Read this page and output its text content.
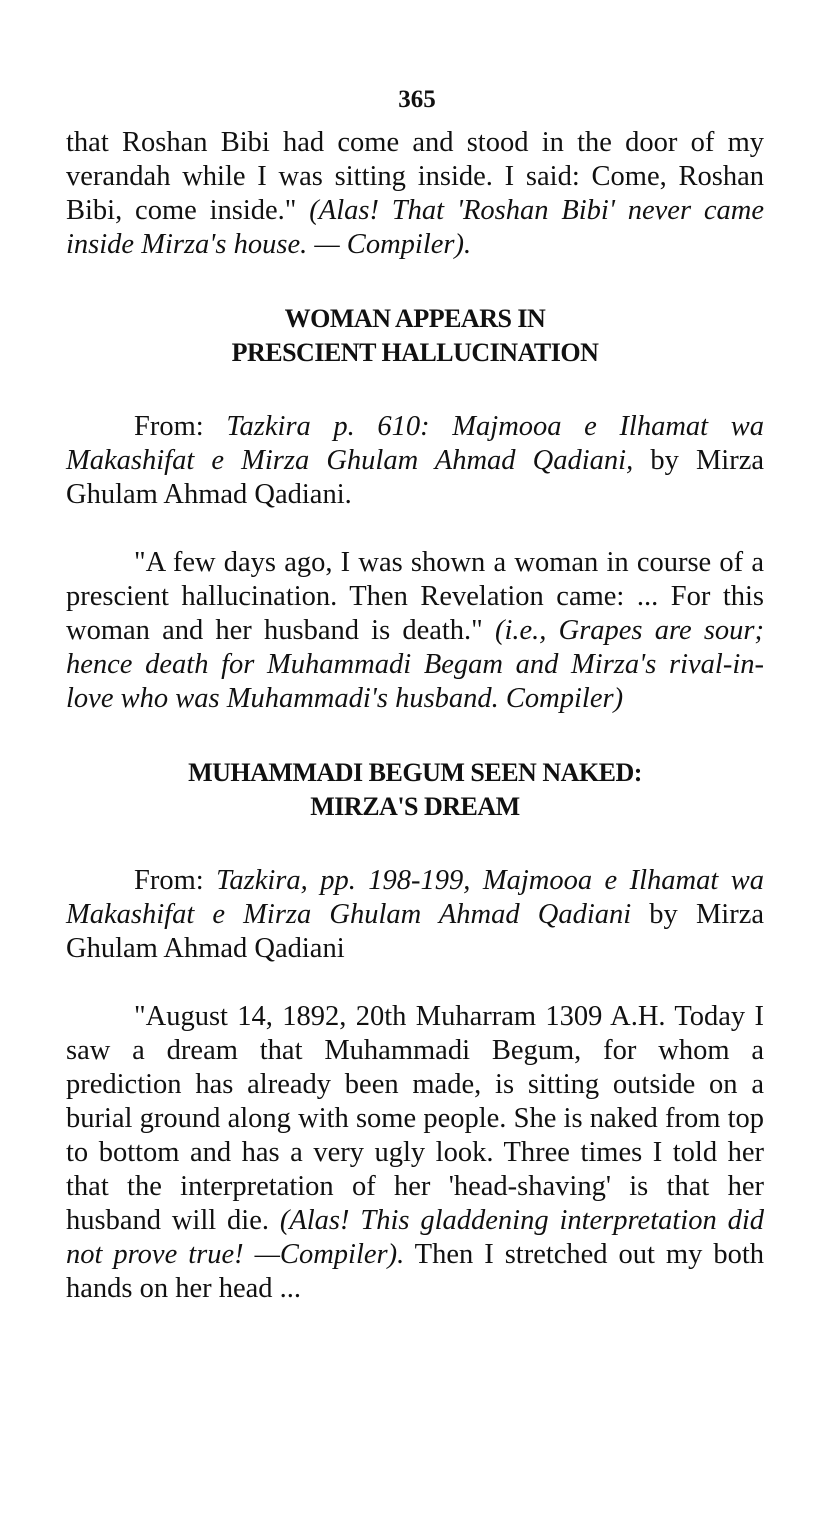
365

that Roshan Bibi had come and stood in the door of my verandah while I was sitting inside. I said: Come, Roshan Bibi, come inside." (Alas! That 'Roshan Bibi' never came inside Mirza's house. — Compiler).

WOMAN APPEARS IN
PRESCIENT HALLUCINATION

From: Tazkira p. 610: Majmooa e Ilhamat wa Makashifat e Mirza Ghulam Ahmad Qadiani, by Mirza Ghulam Ahmad Qadiani.

"A few days ago, I was shown a woman in course of a prescient hallucination. Then Revelation came: ... For this woman and her husband is death." (i.e., Grapes are sour; hence death for Muhammadi Begam and Mirza's rival-in-love who was Muhammadi's husband. Compiler)

MUHAMMADI BEGUM SEEN NAKED:
MIRZA'S DREAM

From: Tazkira, pp. 198-199, Majmooa e Ilhamat wa Makashifat e Mirza Ghulam Ahmad Qadiani by Mirza Ghulam Ahmad Qadiani

"August 14, 1892, 20th Muharram 1309 A.H. Today I saw a dream that Muhammadi Begum, for whom a prediction has already been made, is sitting outside on a burial ground along with some people. She is naked from top to bottom and has a very ugly look. Three times I told her that the interpretation of her 'head-shaving' is that her husband will die. (Alas! This gladdening interpretation did not prove true! —Compiler). Then I stretched out my both hands on her head ...
